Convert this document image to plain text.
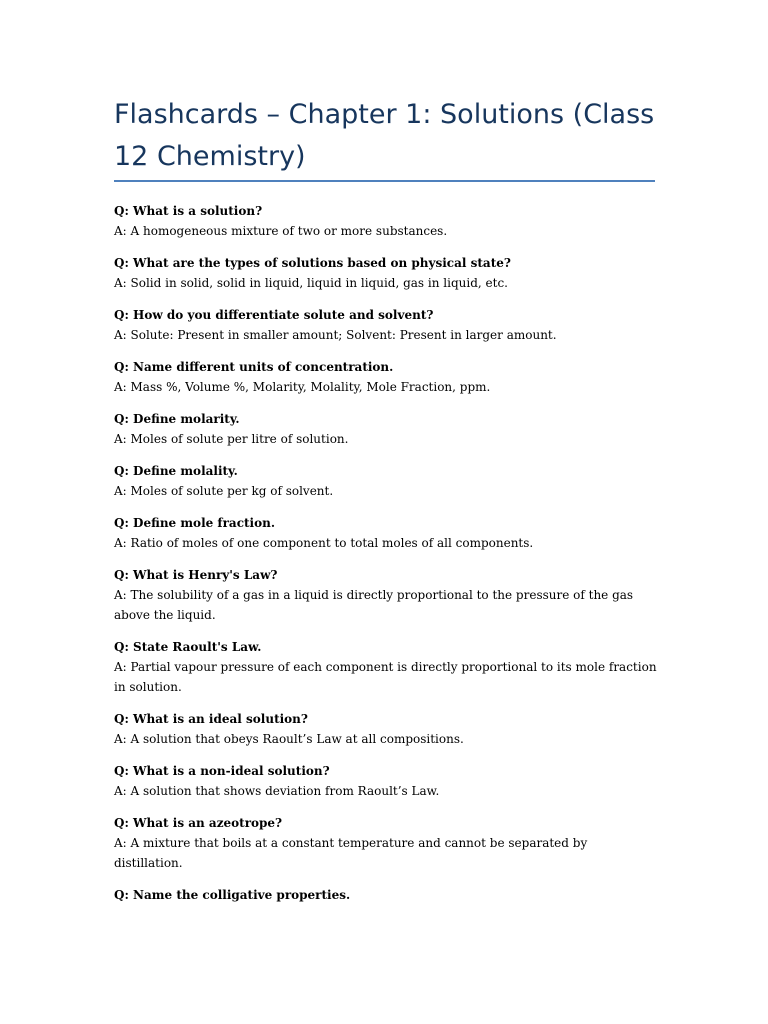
Flashcards – Chapter 1: Solutions (Class 12 Chemistry)

Q: What is a solution?

A: A homogeneous mixture of two or more substances.

Q: What are the types of solutions based on physical state?

A: Solid in solid, solid in liquid, liquid in liquid, gas in liquid, etc.

Q: How do you differentiate solute and solvent?

A: Solute: Present in smaller amount; Solvent: Present in larger amount.

Q: Name different units of concentration.

A: Mass %, Volume %, Molarity, Molality, Mole Fraction, ppm.

Q: Define molarity.

A: Moles of solute per litre of solution.

Q: Define molality.

A: Moles of solute per kg of solvent.

Q: Define mole fraction.

A: Ratio of moles of one component to total moles of all components.

Q: What is Henry's Law?

A: The solubility of a gas in a liquid is directly proportional to the pressure of the gas above the liquid.

Q: State Raoult's Law.

A: Partial vapour pressure of each component is directly proportional to its mole fraction in solution.

Q: What is an ideal solution?

A: A solution that obeys Raoult’s Law at all compositions.

Q: What is a non-ideal solution?

A: A solution that shows deviation from Raoult’s Law.

Q: What is an azeotrope?

A: A mixture that boils at a constant temperature and cannot be separated by distillation.

Q: Name the colligative properties.
